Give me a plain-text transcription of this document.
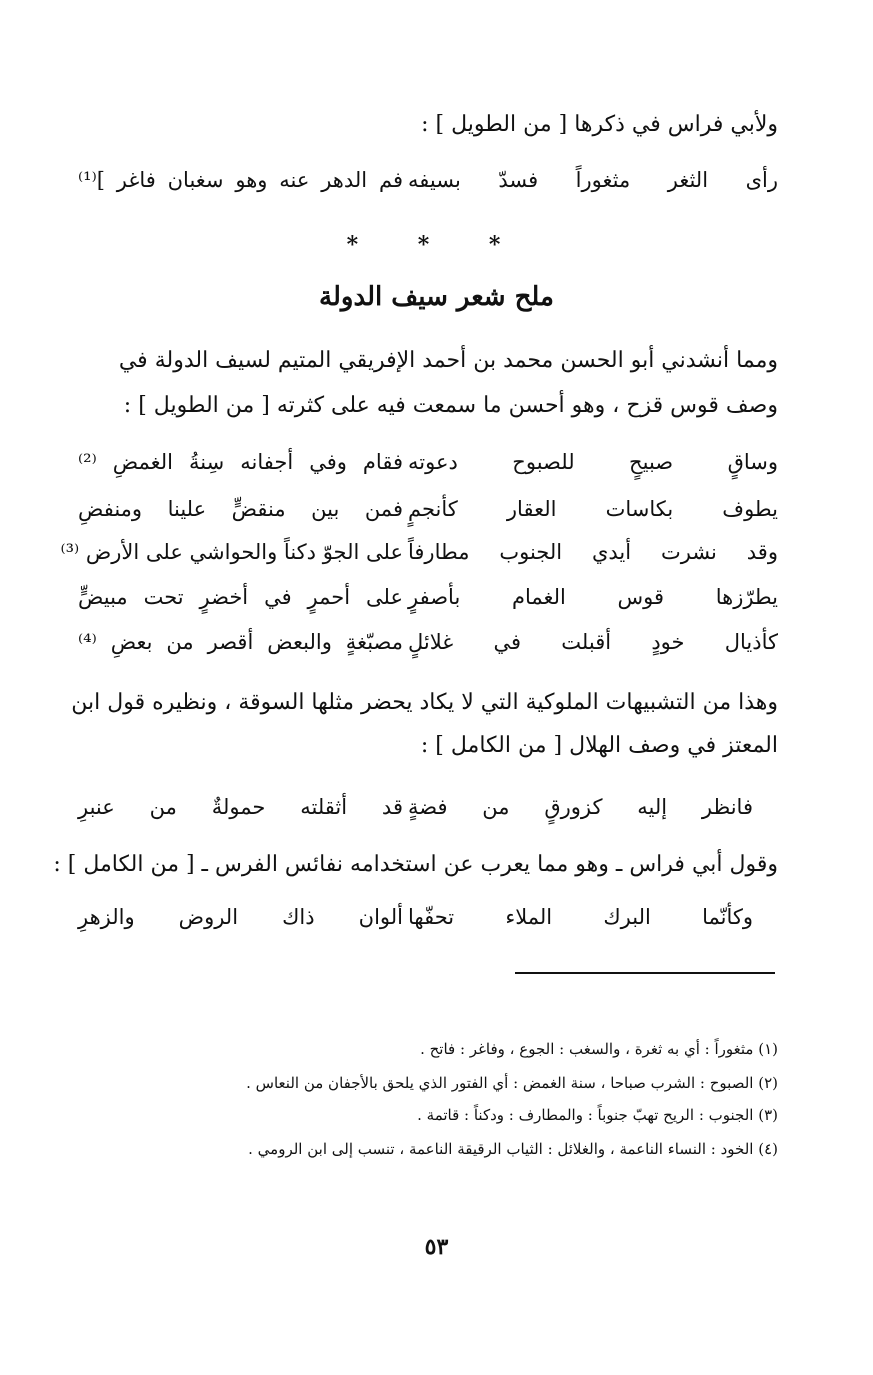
ولأبي فراس في ذكرها [ من الطويل ] :
رأى الثغر مثغوراً فسدّ بسيفه
فم الدهر عنه وهو سغبان فاغر ]⁽¹⁾
* * *
ملح شعر سيف الدولة
ومما أنشدني أبو الحسن محمد بن أحمد الإفريقي المتيم لسيف الدولة في
وصف قوس قزح ، وهو أحسن ما سمعت فيه على كثرته [ من الطويل ] :
وساقٍ صبيحٍ للصبوح دعوته
فقام وفي أجفانه سِنةُ الغمضِ ⁽²⁾
يطوف بكاسات العقار كأنجمٍ
فمن بين منقضٍّ علينا ومنفضِ
وقد نشرت أيدي الجنوب مطارفاً
على الجوّ دكناً والحواشي على الأرض ⁽³⁾
يطرّزها قوس الغمام بأصفرٍ
على أحمرٍ في أخضرٍ تحت مبيضٍّ
كأذيال خودٍ أقبلت في غلائلٍ
مصبّغةٍ والبعض أقصر من بعضِ ⁽⁴⁾
وهذا من التشبيهات الملوكية التي لا يكاد يحضر مثلها السوقة ، ونظيره قول ابن
المعتز في وصف الهلال [ من الكامل ] :
فانظر إليه كزورقٍ من فضةٍ
قد أثقلته حمولةٌ من عنبرِ
وقول أبي فراس ـ وهو مما يعرب عن استخدامه نفائس الفرس ـ [ من الكامل ] :
وكأنّما البرك الملاء تحفّها
ألوان ذاك الروض والزهرِ
(١) مثغوراً : أي به ثغرة ، والسغب : الجوع ، وفاغر : فاتح .
(٢) الصبوح : الشرب صباحا ، سنة الغمض : أي الفتور الذي يلحق بالأجفان من النعاس .
(٣) الجنوب : الريح تهبّ جنوباً : والمطارف : ودكناً : قاتمة .
(٤) الخود : النساء الناعمة ، والغلائل : الثياب الرقيقة الناعمة ، تنسب إلى ابن الرومي .
٥٣
